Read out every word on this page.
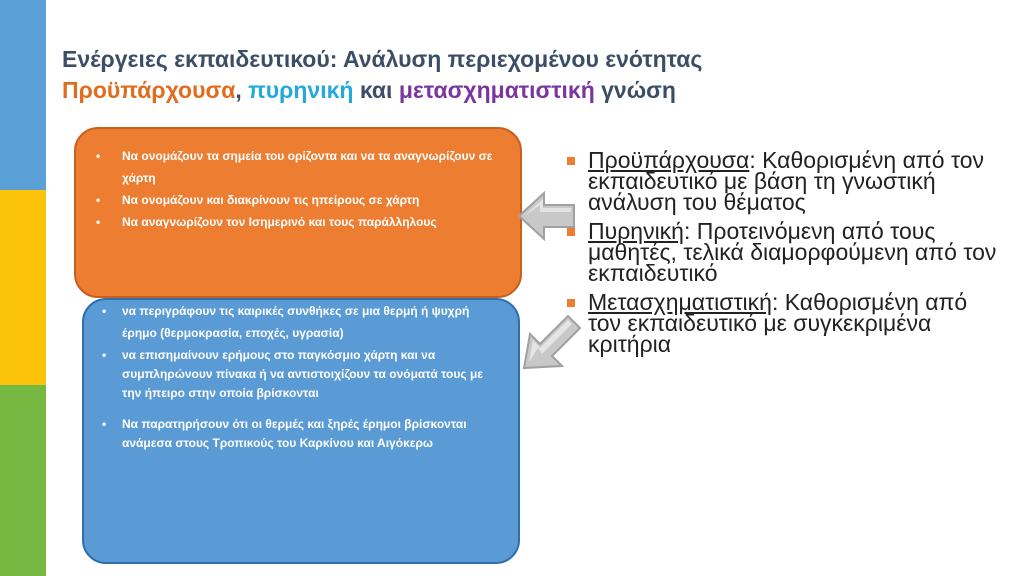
Ενέργειες εκπαιδευτικού: Ανάλυση περιεχομένου ενότητας
Προϋπάρχουσα, πυρηνική και μετασχηματιστική γνώση
• Να ονομάζουν τα σημεία του ορίζοντα και να τα αναγνωρίζουν σε χάρτη
• Να ονομάζουν και διακρίνουν τις ηπείρους σε χάρτη
• Να αναγνωρίζουν τον Ισημερινό και τους παράλληλους
• να περιγράφουν τις καιρικές συνθήκες σε μια θερμή ή ψυχρή έρημο (θερμοκρασία, εποχές, υγρασία)
• να επισημαίνουν ερήμους στο παγκόσμιο χάρτη και να συμπληρώνουν πίνακα ή να αντιστοιχίζουν τα ονόματά τους με την ήπειρο στην οποία βρίσκονται
• Να παρατηρήσουν ότι οι θερμές και ξηρές έρημοι βρίσκονται ανάμεσα στους Τροπικούς του Καρκίνου και Αιγόκερω
Προϋπάρχουσα: Καθορισμένη από τον εκπαιδευτικό με βάση τη γνωστική ανάλυση του θέματος
Πυρηνική: Προτεινόμενη από τους μαθητές, τελικά διαμορφούμενη από τον εκπαιδευτικό
Μετασχηματιστική: Καθορισμένη από τον εκπαιδευτικό με συγκεκριμένα κριτήρια
